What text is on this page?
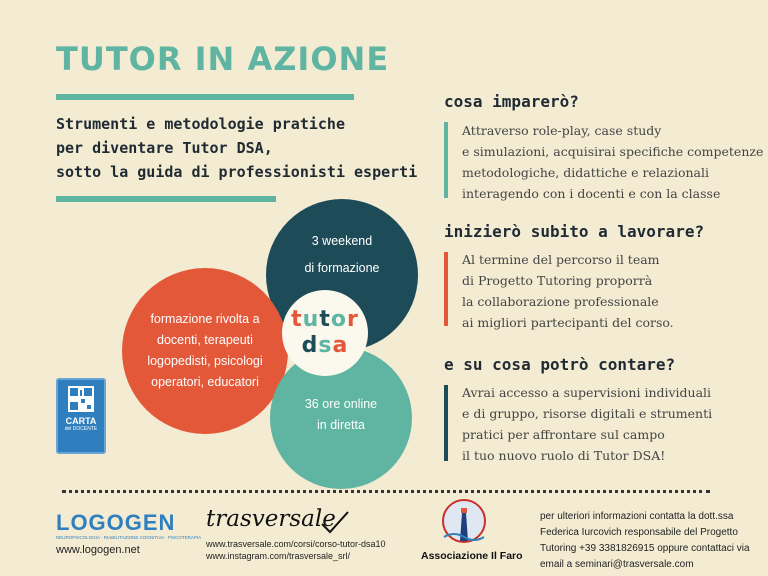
TUTOR IN AZIONE
Strumenti e metodologie pratiche
per diventare Tutor DSA,
sotto la guida di professionisti esperti
3 weekend
di formazione
formazione rivolta a
docenti, terapeuti
logopedisti, psicologi
operatori, educatori
36 ore online
in diretta
tutor
dsa
CARTA
del DOCENTE
cosa imparerò?
Attraverso role-play, case study
e simulazioni, acquisirai specifiche competenze
metodologiche, didattiche e relazionali
interagendo con i docenti e con la classe
inizierò subito a lavorare?
Al termine del percorso il team
di Progetto Tutoring proporrà
la collaborazione professionale
ai migliori partecipanti del corso.
e su cosa potrò contare?
Avrai accesso a supervisioni individuali
e di gruppo, risorse digitali e strumenti
pratici per affrontare sul campo
il tuo nuovo ruolo di Tutor DSA!
LOGOGEN
NEUROPSICOLOGIA · RIABILITAZIONE COGNITIVA · PSICOTERAPIA
www.logogen.net
trasversale
www.trasversale.com/corsi/corso-tutor-dsa10
www.instagram.com/trasversale_srl/	Associazione Il Faro
per ulteriori informazioni contatta la dott.ssa
Federica Iurcovich responsabile del Progetto
Tutoring +39 3381826915 oppure contattaci via
email a seminari@trasversale.com
